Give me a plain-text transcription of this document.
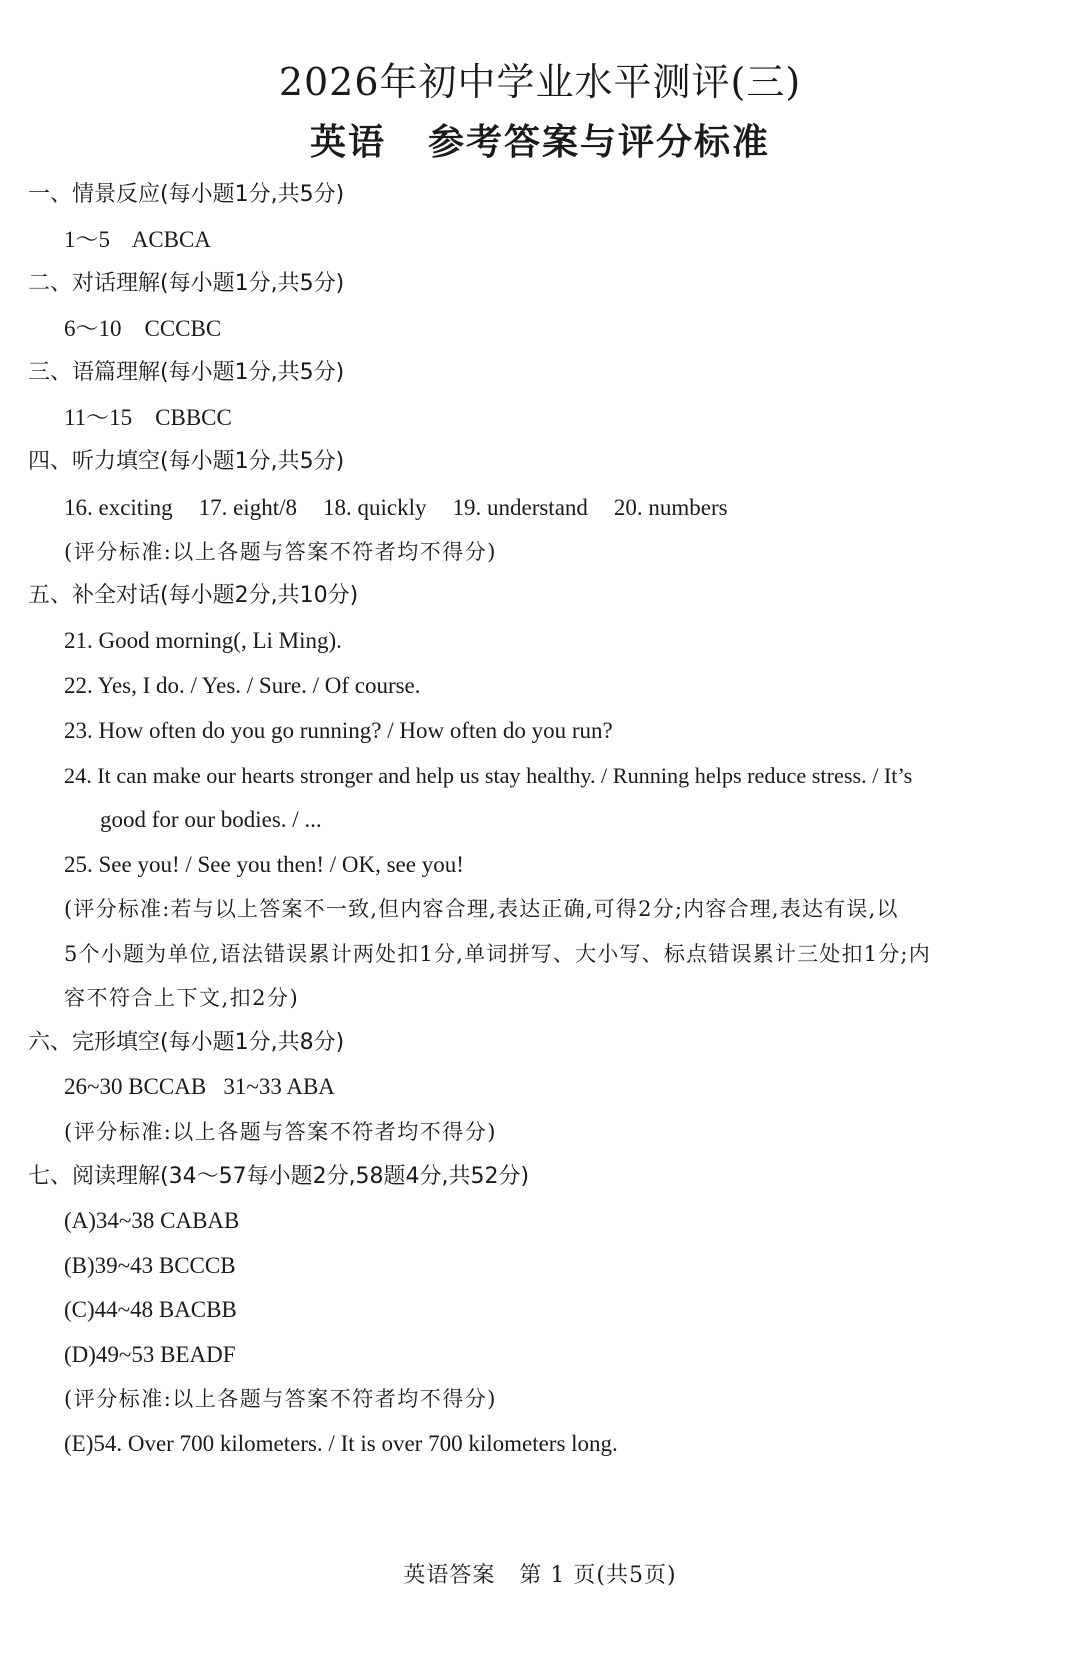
2026年初中学业水平测评(三)
英语 参考答案与评分标准
一、情景反应(每小题1分,共5分)
1～5    ACBCA
二、对话理解(每小题1分,共5分)
6～10    CCCBC
三、语篇理解(每小题1分,共5分)
11～15    CBBCC
四、听力填空(每小题1分,共5分)
16. exciting 17. eight/8 18. quickly 19. understand 20. numbers
(评分标准:以上各题与答案不符者均不得分)
五、补全对话(每小题2分,共10分)
21. Good morning(, Li Ming).
22. Yes, I do. / Yes. / Sure. / Of course.
23. How often do you go running? / How often do you run?
24. It can make our hearts stronger and help us stay healthy. / Running helps reduce stress. / It’s
good for our bodies. / ...
25. See you! / See you then! / OK, see you!
(评分标准:若与以上答案不一致,但内容合理,表达正确,可得2分;内容合理,表达有误,以
5个小题为单位,语法错误累计两处扣1分,单词拼写、大小写、标点错误累计三处扣1分;内
容不符合上下文,扣2分)
六、完形填空(每小题1分,共8分)
26~30 BCCAB   31~33 ABA
(评分标准:以上各题与答案不符者均不得分)
七、阅读理解(34～57每小题2分,58题4分,共52分)
(A)34~38 CABAB
(B)39~43 BCCCB
(C)44~48 BACBB
(D)49~53 BEADF
(评分标准:以上各题与答案不符者均不得分)
(E)54. Over 700 kilometers. / It is over 700 kilometers long.
英语答案   第 1 页(共5页)
